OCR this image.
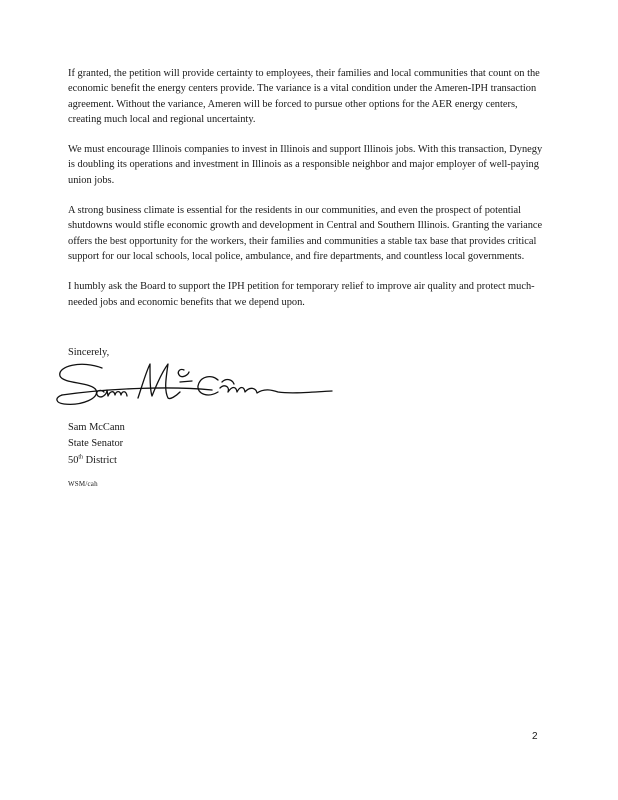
If granted, the petition will provide certainty to employees, their families and local communities that count on the economic benefit the energy centers provide. The variance is a vital condition under the Ameren-IPH transaction agreement. Without the variance, Ameren will be forced to pursue other options for the AER energy centers, creating much local and regional uncertainty.

We must encourage Illinois companies to invest in Illinois and support Illinois jobs. With this transaction, Dynegy is doubling its operations and investment in Illinois as a responsible neighbor and major employer of well-paying union jobs.

A strong business climate is essential for the residents in our communities, and even the prospect of potential shutdowns would stifle economic growth and development in Central and Southern Illinois. Granting the variance offers the best opportunity for the workers, their families and communities a stable tax base that provides critical support for our local schools, local police, ambulance, and fire departments, and countless local governments.

I humbly ask the Board to support the IPH petition for temporary relief to improve air quality and protect much-needed jobs and economic benefits that we depend upon.

Sincerely,
Sam McCann
State Senator
50th District
WSM/cah
2
